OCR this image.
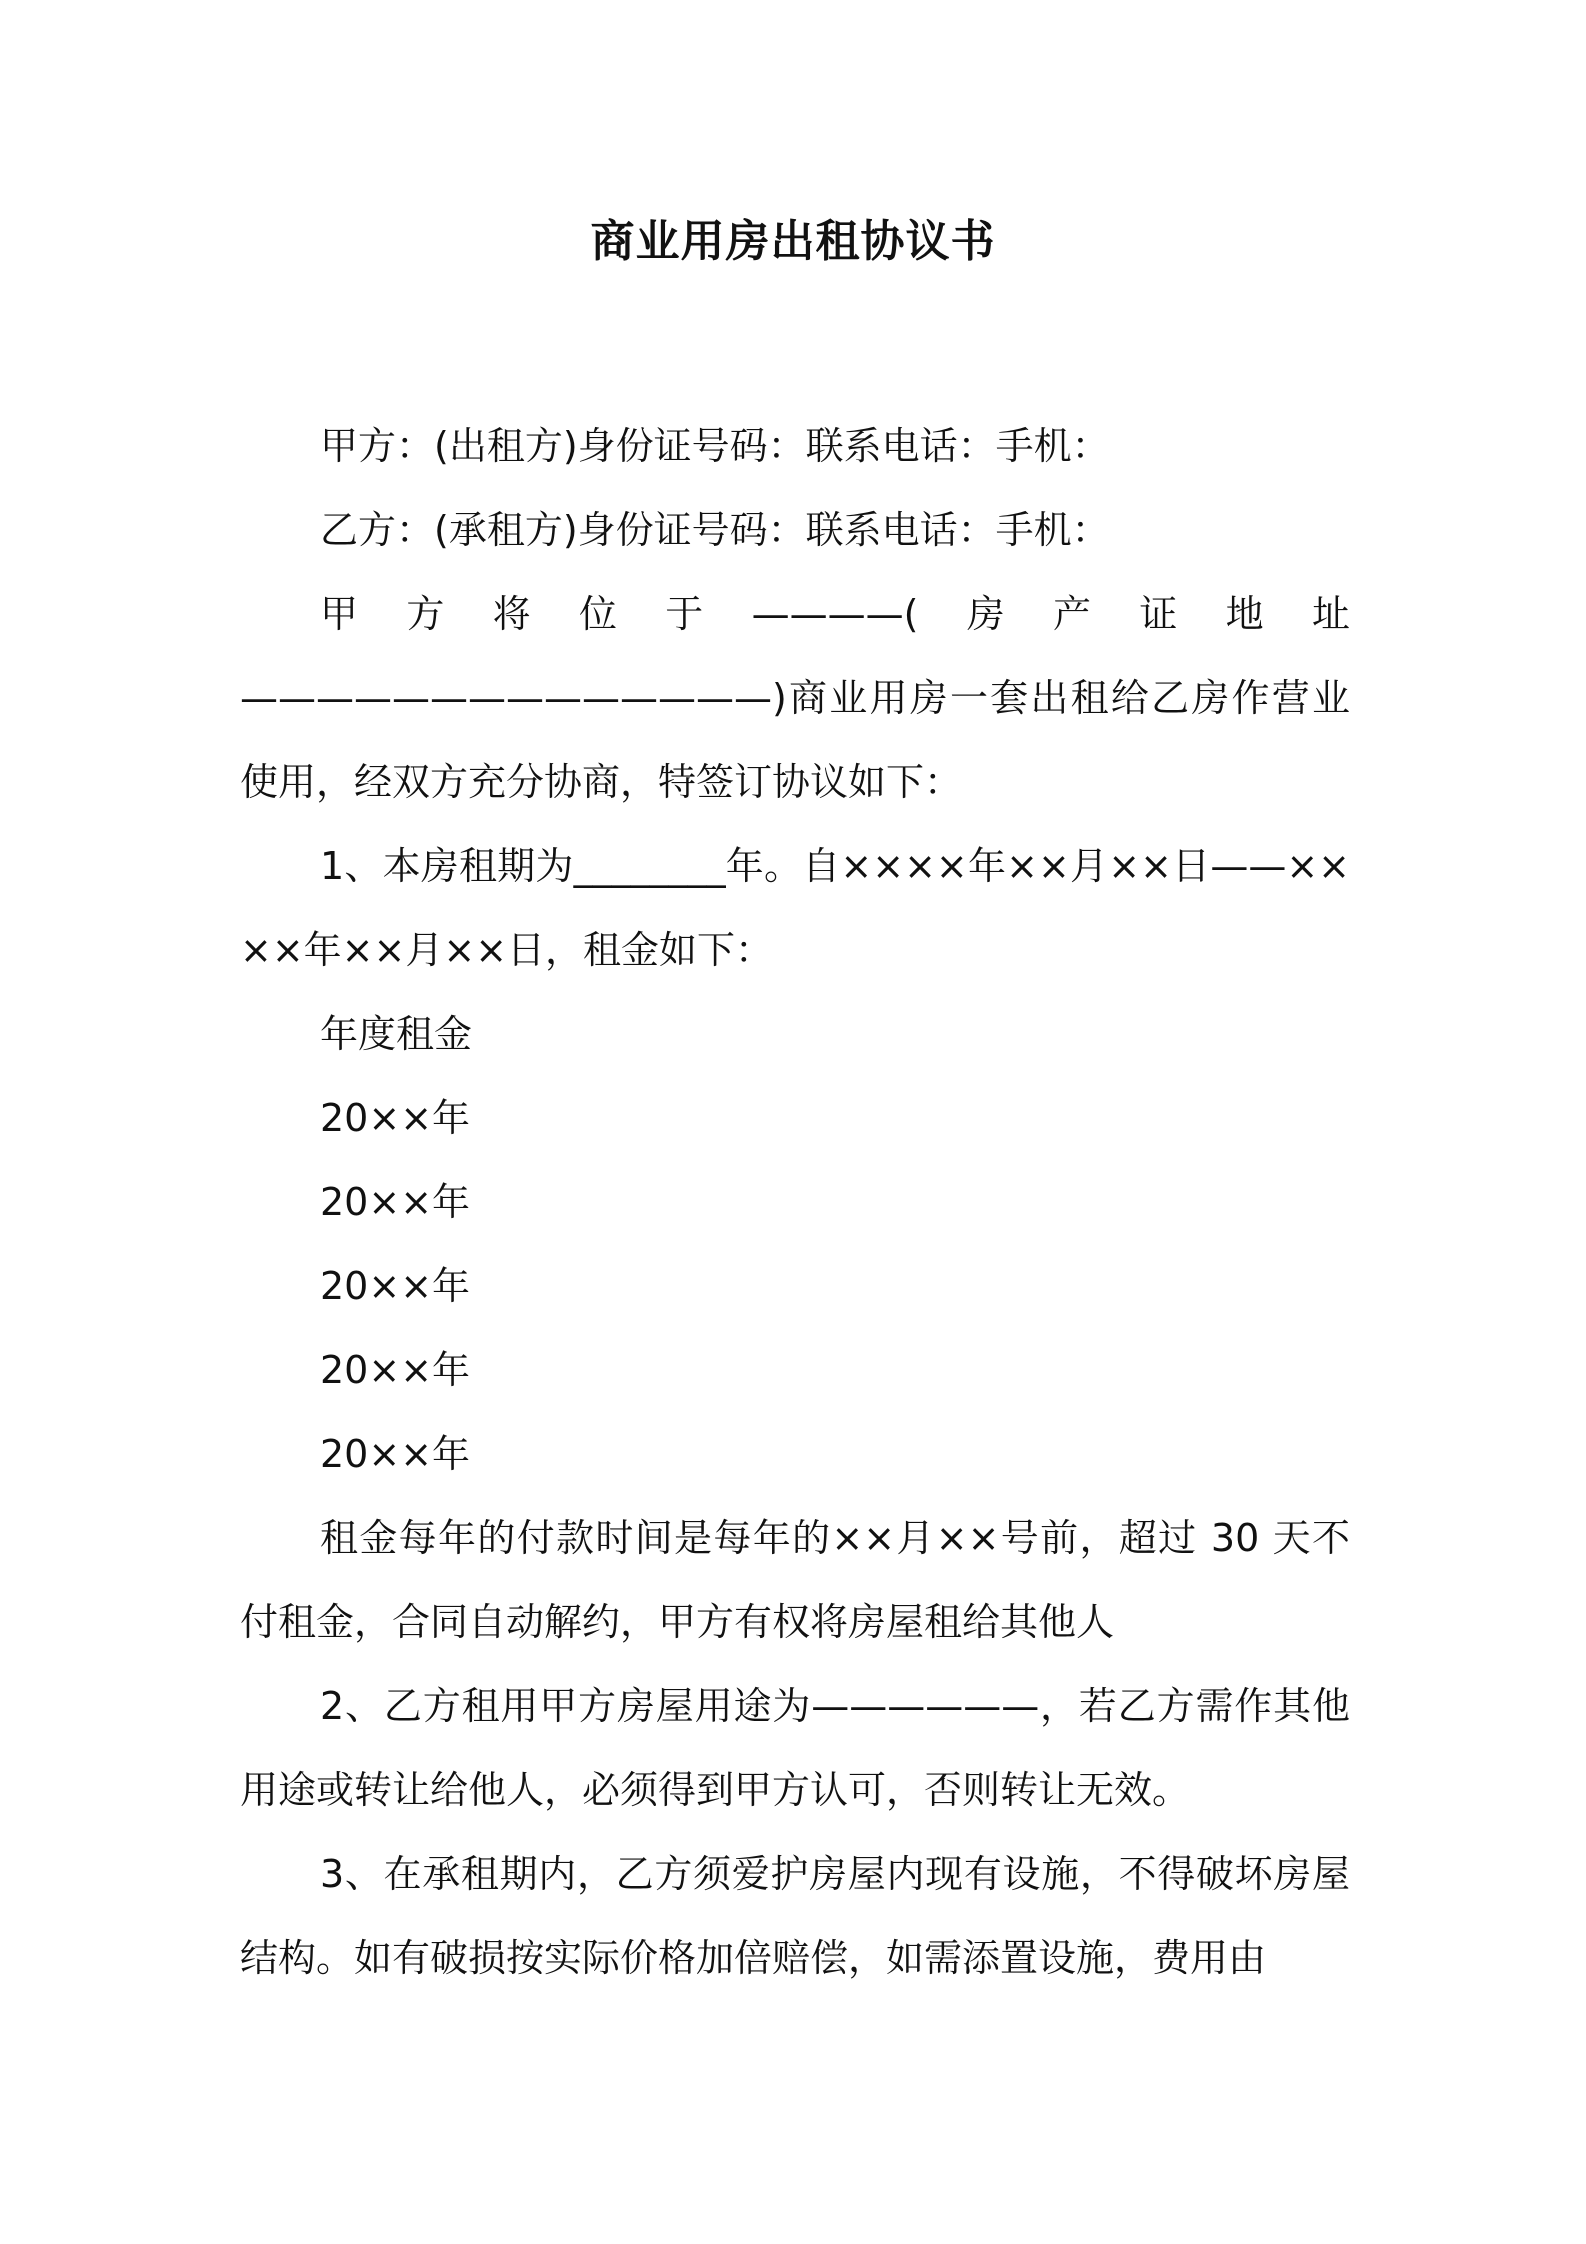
商业用房出租协议书

甲方：(出租方)身份证号码：联系电话：手机：

乙方：(承租方)身份证号码：联系电话：手机：

甲方将位于————(房产证地址——————————————)商业用房一套出租给乙房作营业使用，经双方充分协商，特签订协议如下：

1、本房租期为________年。自××××年××月××日——××××年××月××日，租金如下：

年度租金

20××年

20××年

20××年

20××年

20××年

租金每年的付款时间是每年的××月××号前，超过 30 天不付租金，合同自动解约，甲方有权将房屋租给其他人

2、乙方租用甲方房屋用途为——————，若乙方需作其他用途或转让给他人，必须得到甲方认可，否则转让无效。

3、在承租期内，乙方须爱护房屋内现有设施，不得破坏房屋结构。如有破损按实际价格加倍赔偿，如需添置设施，费用由
